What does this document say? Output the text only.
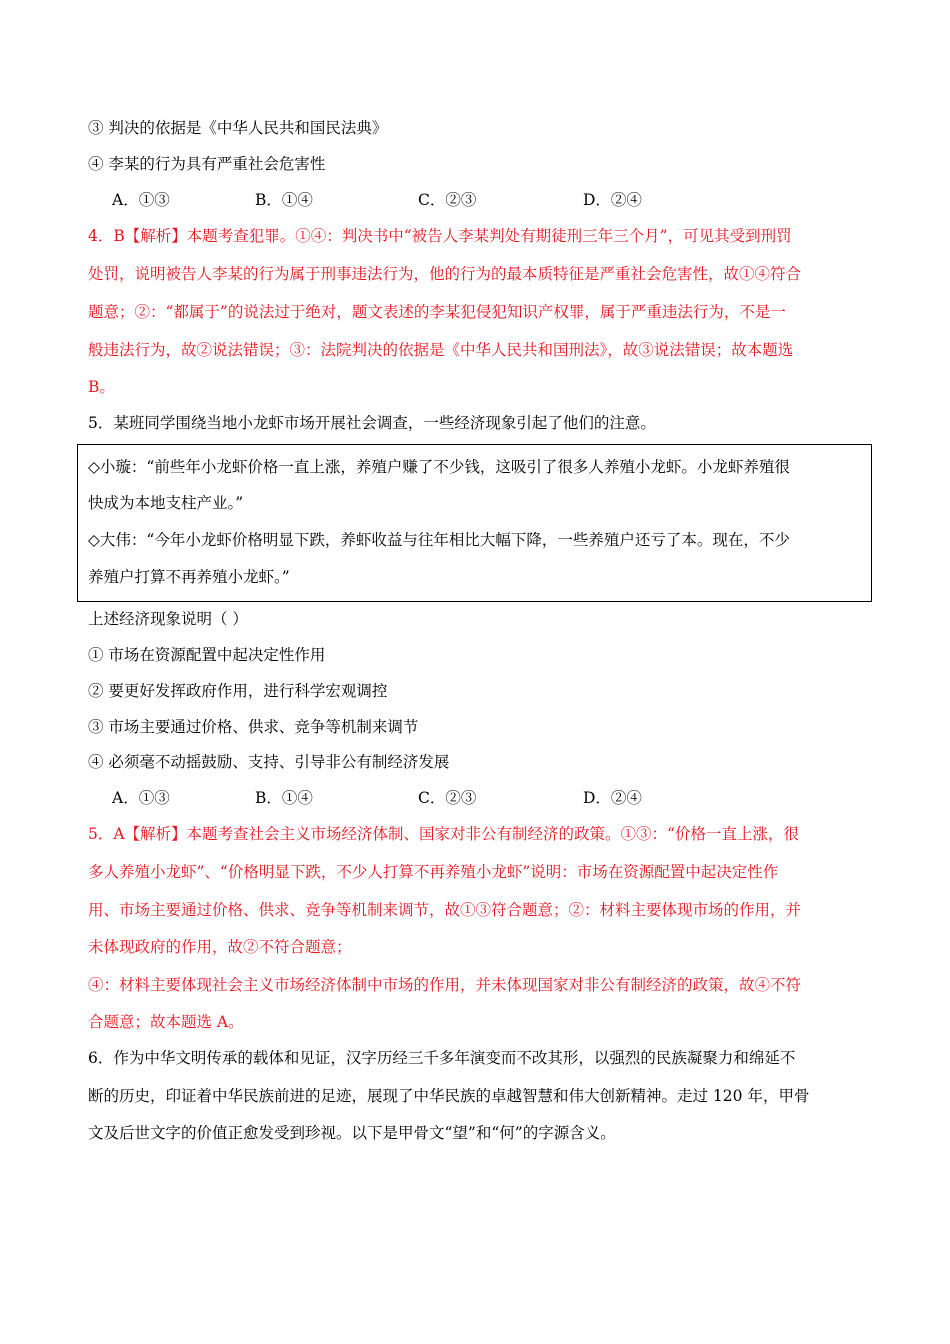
③ 判决的依据是《中华人民共和国民法典》
④ 李某的行为具有严重社会危害性
A．①③	B．①④	C．②③	D．②④
4．B【解析】本题考查犯罪。①④：判决书中“被告人李某判处有期徒刑三年三个月”，可见其受到刑罚
处罚，说明被告人李某的行为属于刑事违法行为，他的行为的最本质特征是严重社会危害性，故①④符合
题意；②：“都属于”的说法过于绝对，题文表述的李某犯侵犯知识产权罪，属于严重违法行为，不是一
般违法行为，故②说法错误；③：法院判决的依据是《中华人民共和国刑法》，故③说法错误；故本题选
B。
5．某班同学围绕当地小龙虾市场开展社会调查，一些经济现象引起了他们的注意。
◇小璇：“前些年小龙虾价格一直上涨，养殖户赚了不少钱，这吸引了很多人养殖小龙虾。小龙虾养殖很
快成为本地支柱产业。”
◇大伟：“今年小龙虾价格明显下跌，养虾收益与往年相比大幅下降，一些养殖户还亏了本。现在，不少
养殖户打算不再养殖小龙虾。”
上述经济现象说明（ ）
① 市场在资源配置中起决定性作用
② 要更好发挥政府作用，进行科学宏观调控
③ 市场主要通过价格、供求、竞争等机制来调节
④ 必须毫不动摇鼓励、支持、引导非公有制经济发展
A．①③	B．①④	C．②③	D．②④
5．A【解析】本题考查社会主义市场经济体制、国家对非公有制经济的政策。①③：“价格一直上涨，很
多人养殖小龙虾”、“价格明显下跌，不少人打算不再养殖小龙虾”说明：市场在资源配置中起决定性作
用、市场主要通过价格、供求、竞争等机制来调节，故①③符合题意；②：材料主要体现市场的作用，并
未体现政府的作用，故②不符合题意；
④：材料主要体现社会主义市场经济体制中市场的作用，并未体现国家对非公有制经济的政策，故④不符
合题意；故本题选 A。
6．作为中华文明传承的载体和见证，汉字历经三千多年演变而不改其形，以强烈的民族凝聚力和绵延不
断的历史，印证着中华民族前进的足迹，展现了中华民族的卓越智慧和伟大创新精神。走过 120 年，甲骨
文及后世文字的价值正愈发受到珍视。以下是甲骨文“望”和“何”的字源含义。
